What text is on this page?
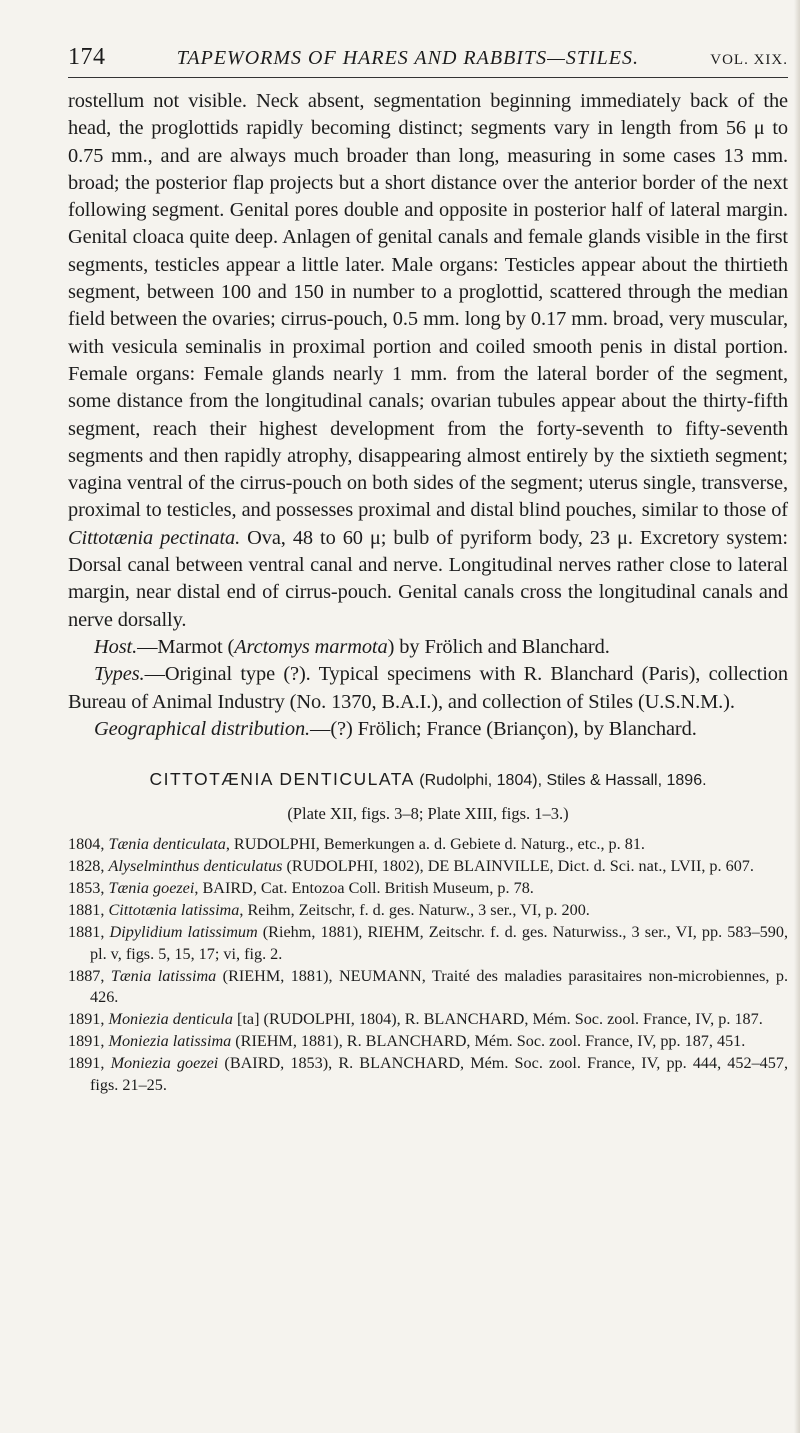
174	TAPEWORMS OF HARES AND RABBITS—STILES.	VOL. XIX.

rostellum not visible. Neck absent, segmentation beginning immediately back of the head, the proglottids rapidly becoming distinct; segments vary in length from 56 μ to 0.75 mm., and are always much broader than long, measuring in some cases 13 mm. broad; the posterior flap projects but a short distance over the anterior border of the next following segment. Genital pores double and opposite in posterior half of lateral margin. Genital cloaca quite deep. Anlagen of genital canals and female glands visible in the first segments, testicles appear a little later. Male organs: Testicles appear about the thirtieth segment, between 100 and 150 in number to a proglottid, scattered through the median field between the ovaries; cirrus-pouch, 0.5 mm. long by 0.17 mm. broad, very muscular, with vesicula seminalis in proximal portion and coiled smooth penis in distal portion. Female organs: Female glands nearly 1 mm. from the lateral border of the segment, some distance from the longitudinal canals; ovarian tubules appear about the thirty-fifth segment, reach their highest development from the forty-seventh to fifty-seventh segments and then rapidly atrophy, disappearing almost entirely by the sixtieth segment; vagina ventral of the cirrus-pouch on both sides of the segment; uterus single, transverse, proximal to testicles, and possesses proximal and distal blind pouches, similar to those of Cittotænia pectinata. Ova, 48 to 60 μ; bulb of pyriform body, 23 μ. Excretory system: Dorsal canal between ventral canal and nerve. Longitudinal nerves rather close to lateral margin, near distal end of cirrus-pouch. Genital canals cross the longitudinal canals and nerve dorsally.

Host.—Marmot (Arctomys marmota) by Frölich and Blanchard.

Types.—Original type (?). Typical specimens with R. Blanchard (Paris), collection Bureau of Animal Industry (No. 1370, B.A.I.), and collection of Stiles (U.S.N.M.).

Geographical distribution.—(?) Frölich; France (Briançon), by Blanchard.

CITTOTÆNIA DENTICULATA (Rudolphi, 1804), Stiles & Hassall, 1896.
(Plate XII, figs. 3–8; Plate XIII, figs. 1–3.)
1804, Tænia denticulata, RUDOLPHI, Bemerkungen a. d. Gebiete d. Naturg., etc., p. 81.
1828, Alyselminthus denticulatus (RUDOLPHI, 1802), DE BLAINVILLE, Dict. d. Sci. nat., LVII, p. 607.
1853, Tænia goezei, BAIRD, Cat. Entozoa Coll. British Museum, p. 78.
1881, Cittotænia latissima, Reihm, Zeitschr, f. d. ges. Naturw., 3 ser., VI, p. 200.
1881, Dipylidium latissimum (Riehm, 1881), RIEHM, Zeitschr. f. d. ges. Naturwiss., 3 ser., VI, pp. 583–590, pl. v, figs. 5, 15, 17; vi, fig. 2.
1887, Tænia latissima (RIEHM, 1881), NEUMANN, Traité des maladies parasitaires non-microbiennes, p. 426.
1891, Moniezia denticula [ta] (RUDOLPHI, 1804), R. BLANCHARD, Mém. Soc. zool. France, IV, p. 187.
1891, Moniezia latissima (RIEHM, 1881), R. BLANCHARD, Mém. Soc. zool. France, IV, pp. 187, 451.
1891, Moniezia goezei (BAIRD, 1853), R. BLANCHARD, Mém. Soc. zool. France, IV, pp. 444, 452–457, figs. 21–25.
